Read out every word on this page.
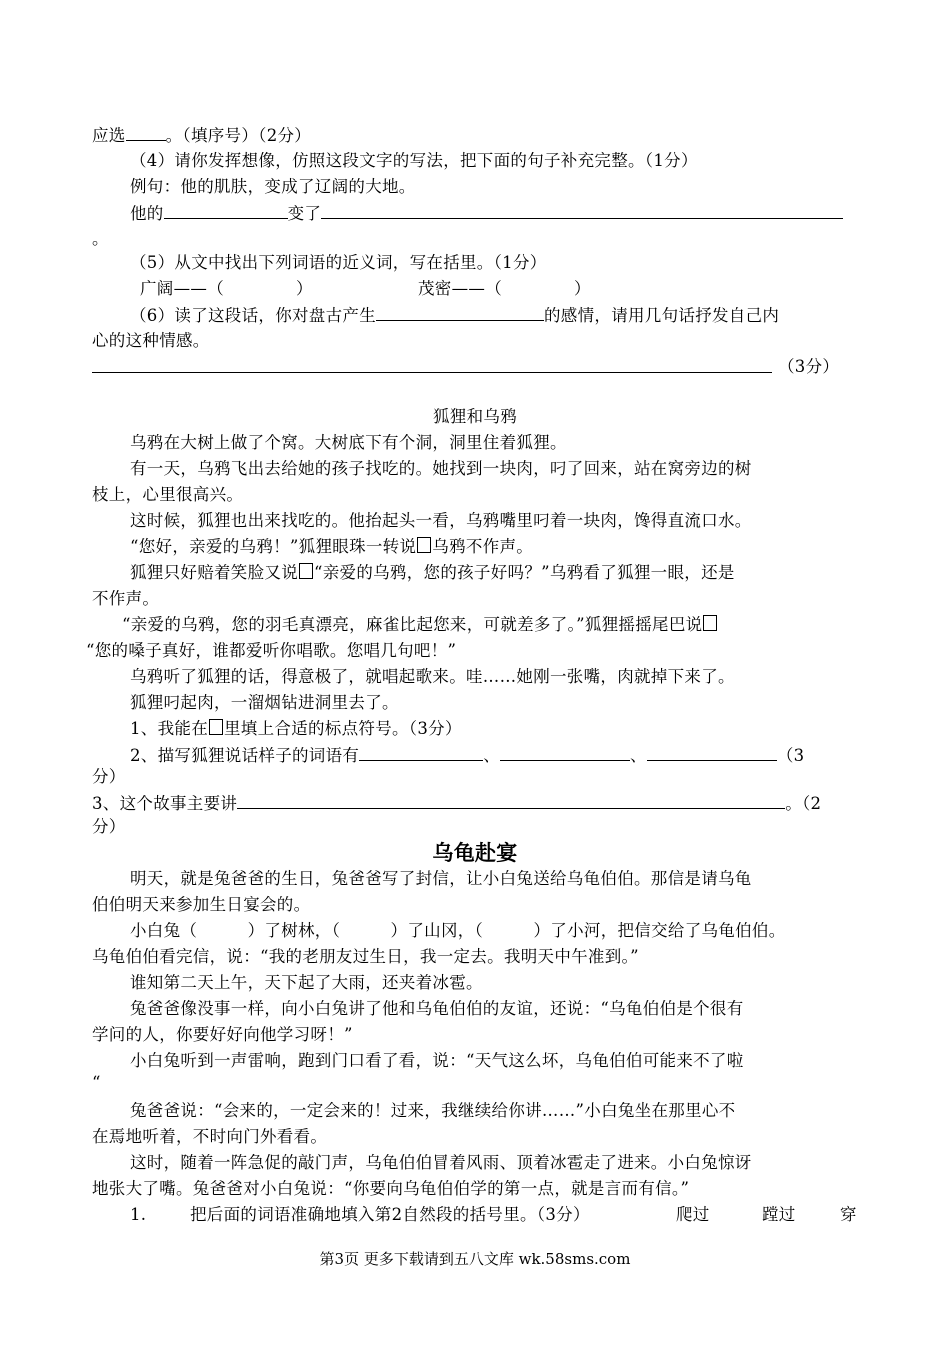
应选 。（填序号）（2分）
（4）请你发挥想像，仿照这段文字的写法，把下面的句子补充完整。（1分）
例句：他的肌肤，变成了辽阔的大地。
他的	变了
。
（5）从文中找出下列词语的近义词，写在括里。（1分）
广阔——（	）	茂密——（	）
（6）读了这段话，你对盘古产生	的感情，请用几句话抒发自己内
心的这种情感。
（3分）
狐狸和乌鸦
乌鸦在大树上做了个窝。大树底下有个洞，洞里住着狐狸。
有一天，乌鸦飞出去给她的孩子找吃的。她找到一块肉，叼了回来，站在窝旁边的树
枝上，心里很高兴。
这时候，狐狸也出来找吃的。他抬起头一看，乌鸦嘴里叼着一块肉，馋得直流口水。
“您好，亲爱的乌鸦！”狐狸眼珠一转说 乌鸦不作声。
狐狸只好赔着笑脸又说 “亲爱的乌鸦，您的孩子好吗？”乌鸦看了狐狸一眼，还是
不作声。
“亲爱的乌鸦，您的羽毛真漂亮，麻雀比起您来，可就差多了。”狐狸摇摇尾巴说
“您的嗓子真好，谁都爱听你唱歌。您唱几句吧！”
乌鸦听了狐狸的话，得意极了，就唱起歌来。哇……她刚一张嘴，肉就掉下来了。
狐狸叼起肉，一溜烟钻进洞里去了。
1、我能在 里填上合适的标点符号。（3分）
2、描写狐狸说话样子的词语有	、	、	（3
分）
3、这个故事主要讲	。（2
分）
乌龟赴宴
明天，就是兔爸爸的生日，兔爸爸写了封信，让小白兔送给乌龟伯伯。那信是请乌龟
伯伯明天来参加生日宴会的。
小白兔（　　　）了树林，（　　　）了山冈，（　　　）了小河，把信交给了乌龟伯伯。
乌龟伯伯看完信，说：“我的老朋友过生日，我一定去。我明天中午准到。”
谁知第二天上午，天下起了大雨，还夹着冰雹。
兔爸爸像没事一样，向小白兔讲了他和乌龟伯伯的友谊，还说：“乌龟伯伯是个很有
学问的人，你要好好向他学习呀！”
小白兔听到一声雷响，跑到门口看了看，说：“天气这么坏，乌龟伯伯可能来不了啦
“
兔爸爸说：“会来的，一定会来的！过来，我继续给你讲……”小白兔坐在那里心不
在焉地听着，不时向门外看看。
这时，随着一阵急促的敲门声，乌龟伯伯冒着风雨、顶着冰雹走了进来。小白兔惊讶
地张大了嘴。兔爸爸对小白兔说：“你要向乌龟伯伯学的第一点，就是言而有信。”
1.	把后面的词语准确地填入第2自然段的括号里。（3分）	爬过	蹚过	穿
第3页 更多下载请到五八文库 wk.58sms.com
